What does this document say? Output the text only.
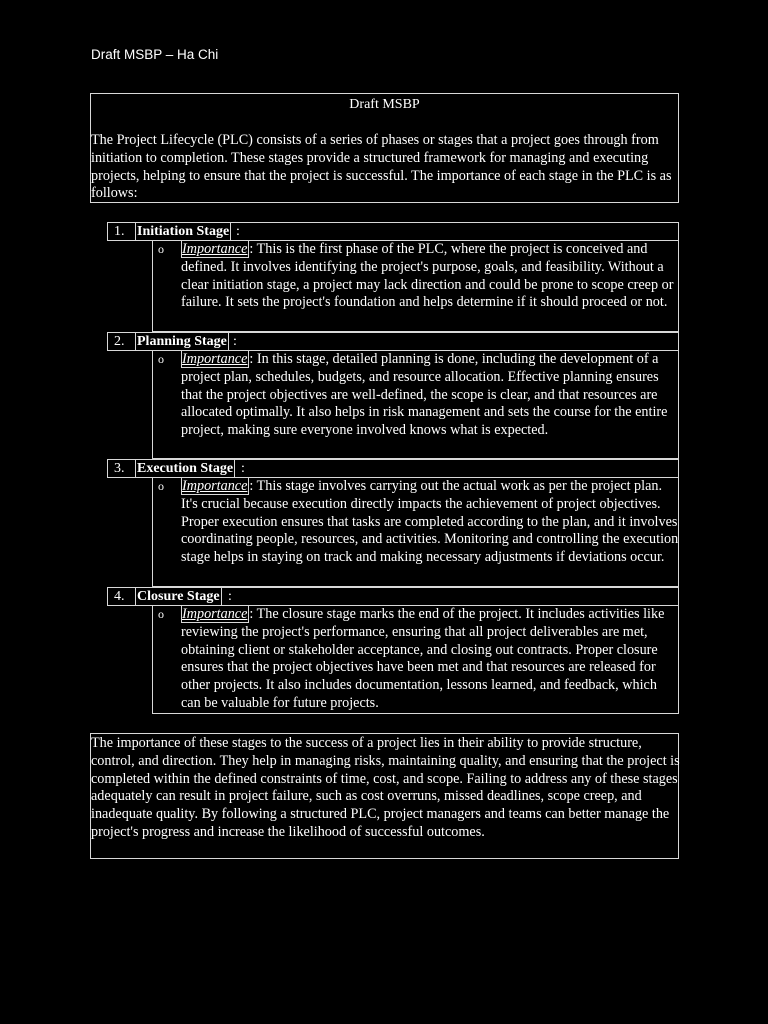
Draft MSBP – Ha Chi
Draft MSBP
The Project Lifecycle (PLC) consists of a series of phases or stages that a project goes through from initiation to completion. These stages provide a structured framework for managing and executing projects, helping to ensure that the project is successful. The importance of each stage in the PLC is as follows:
1. Initiation Stage :
o Importance : This is the first phase of the PLC, where the project is conceived and defined. It involves identifying the project's purpose, goals, and feasibility. Without a clear initiation stage, a project may lack direction and could be prone to scope creep or failure. It sets the project's foundation and helps determine if it should proceed or not.
2. Planning Stage :
o Importance : In this stage, detailed planning is done, including the development of a project plan, schedules, budgets, and resource allocation. Effective planning ensures that the project objectives are well-defined, the scope is clear, and that resources are allocated optimally. It also helps in risk management and sets the course for the entire project, making sure everyone involved knows what is expected.
3. Execution Stage :
o Importance : This stage involves carrying out the actual work as per the project plan. It's crucial because execution directly impacts the achievement of project objectives. Proper execution ensures that tasks are completed according to the plan, and it involves coordinating people, resources, and activities. Monitoring and controlling the execution stage helps in staying on track and making necessary adjustments if deviations occur.
4. Closure Stage :
o Importance : The closure stage marks the end of the project. It includes activities like reviewing the project's performance, ensuring that all project deliverables are met, obtaining client or stakeholder acceptance, and closing out contracts. Proper closure ensures that the project objectives have been met and that resources are released for other projects. It also includes documentation, lessons learned, and feedback, which can be valuable for future projects.
The importance of these stages to the success of a project lies in their ability to provide structure, control, and direction. They help in managing risks, maintaining quality, and ensuring that the project is completed within the defined constraints of time, cost, and scope. Failing to address any of these stages adequately can result in project failure, such as cost overruns, missed deadlines, scope creep, and inadequate quality. By following a structured PLC, project managers and teams can better manage the project's progress and increase the likelihood of successful outcomes.
